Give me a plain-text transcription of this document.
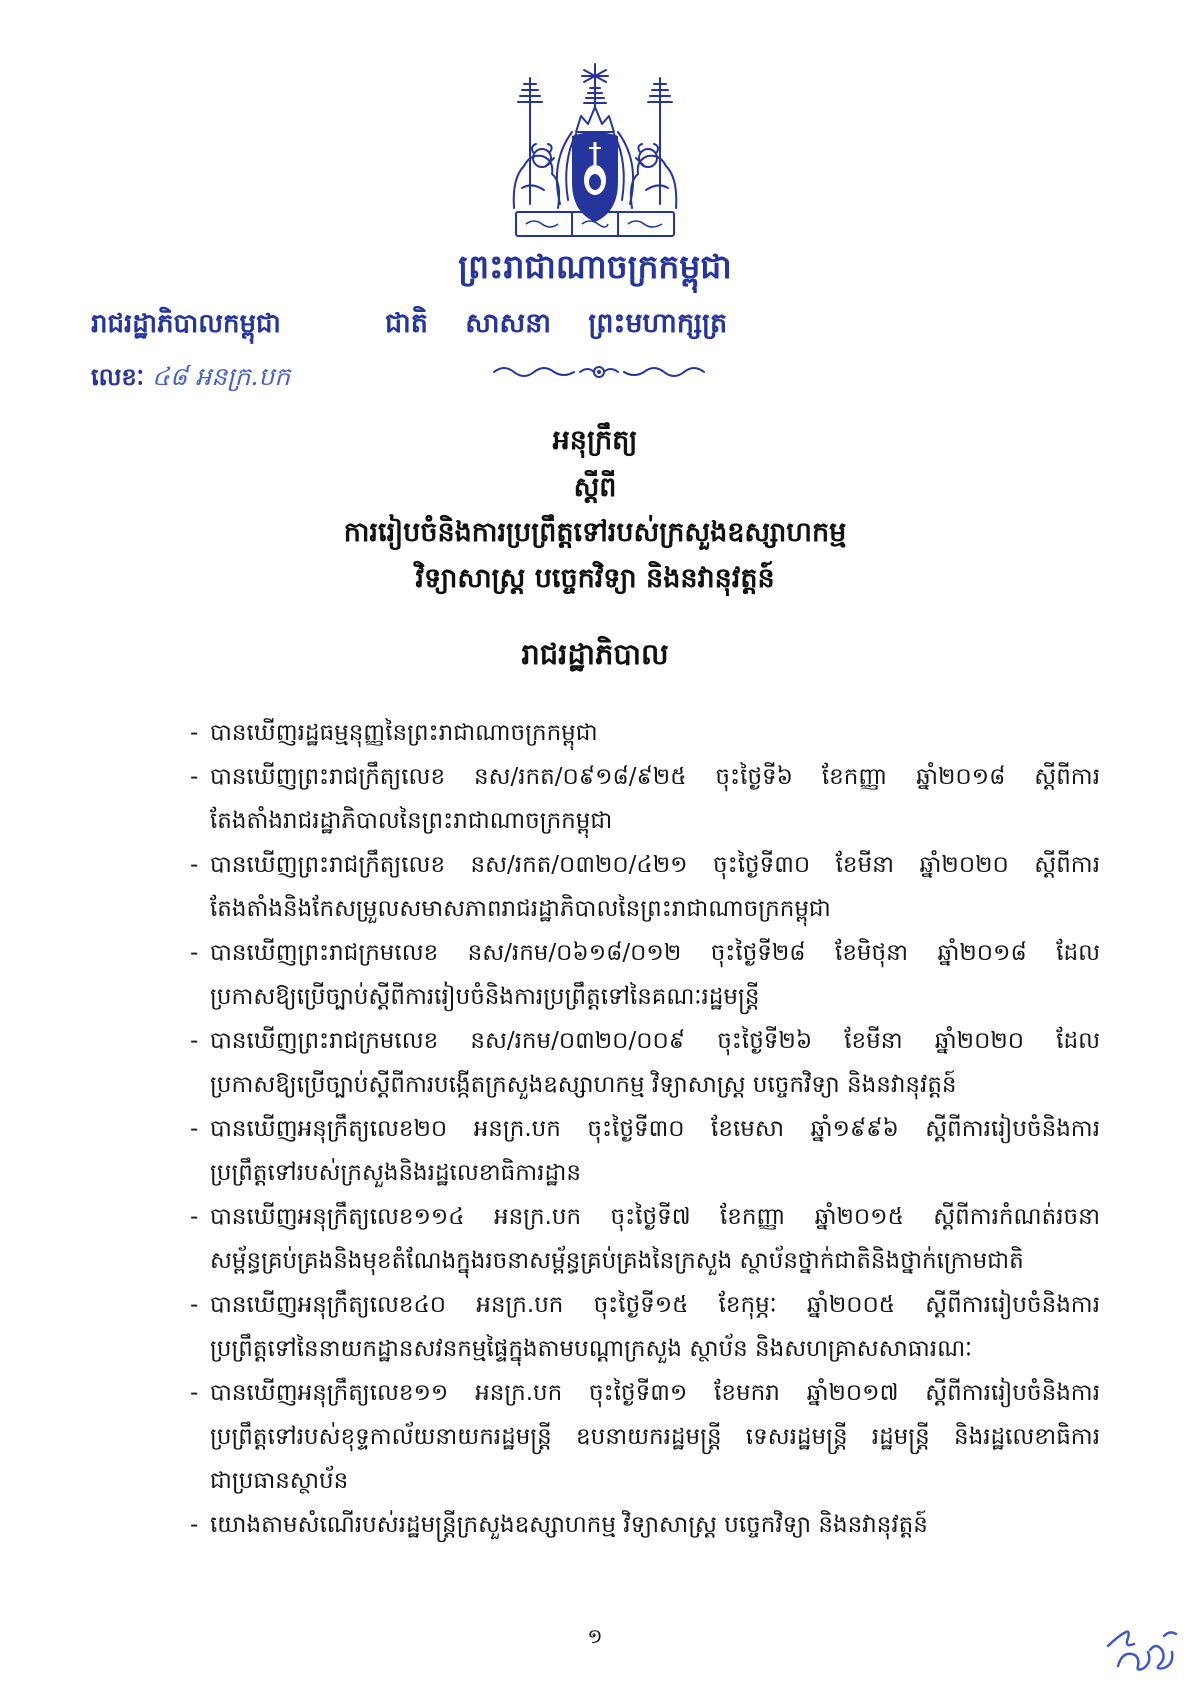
ព្រះរាជាណាចក្រកម្ពុជា
រាជរដ្ឋាភិបាលកម្ពុជា	ជាតិ សាសនា ព្រះមហាក្សត្រ
លេខៈ ៤៨ អនក្រ.បក
អនុក្រឹត្យ
ស្តីពី
ការរៀបចំនិងការប្រព្រឹត្តទៅរបស់ក្រសួងឧស្សាហកម្ម
វិទ្យាសាស្ត្រ បច្ចេកវិទ្យា និងនវានុវត្តន៍
រាជរដ្ឋាភិបាល
- បានឃើញរដ្ឋធម្មនុញ្ញនៃព្រះរាជាណាចក្រកម្ពុជា
- បានឃើញព្រះរាជក្រឹត្យលេខ នស/រកត/០៩១៨/៩២៥ ចុះថ្ងៃទី៦ ខែកញ្ញា ឆ្នាំ២០១៨ ស្តីពីការ
តែងតាំងរាជរដ្ឋាភិបាលនៃព្រះរាជាណាចក្រកម្ពុជា
- បានឃើញព្រះរាជក្រឹត្យលេខ នស/រកត/០៣២០/៤២១ ចុះថ្ងៃទី៣០ ខែមីនា ឆ្នាំ២០២០ ស្តីពីការ
តែងតាំងនិងកែសម្រួលសមាសភាពរាជរដ្ឋាភិបាលនៃព្រះរាជាណាចក្រកម្ពុជា
- បានឃើញព្រះរាជក្រមលេខ នស/រកម/០៦១៨/០១២ ចុះថ្ងៃទី២៨ ខែមិថុនា ឆ្នាំ២០១៨ ដែល
ប្រកាសឱ្យប្រើច្បាប់ស្តីពីការរៀបចំនិងការប្រព្រឹត្តទៅនៃគណៈរដ្ឋមន្ត្រី
- បានឃើញព្រះរាជក្រមលេខ នស/រកម/០៣២០/០០៩ ចុះថ្ងៃទី២៦ ខែមីនា ឆ្នាំ២០២០ ដែល
ប្រកាសឱ្យប្រើច្បាប់ស្តីពីការបង្កើតក្រសួងឧស្សាហកម្ម វិទ្យាសាស្ត្រ បច្ចេកវិទ្យា និងនវានុវត្តន៍
- បានឃើញអនុក្រឹត្យលេខ២០ អនក្រ.បក ចុះថ្ងៃទី៣០ ខែមេសា ឆ្នាំ១៩៩៦ ស្តីពីការរៀបចំនិងការ
ប្រព្រឹត្តទៅរបស់ក្រសួងនិងរដ្ឋលេខាធិការដ្ឋាន
- បានឃើញអនុក្រឹត្យលេខ១១៤ អនក្រ.បក ចុះថ្ងៃទី៧ ខែកញ្ញា ឆ្នាំ២០១៥ ស្តីពីការកំណត់រចនា
សម្ព័ន្ធគ្រប់គ្រងនិងមុខតំណែងក្នុងរចនាសម្ព័ន្ធគ្រប់គ្រងនៃក្រសួង ស្ថាប័នថ្នាក់ជាតិនិងថ្នាក់ក្រោមជាតិ
- បានឃើញអនុក្រឹត្យលេខ៤០ អនក្រ.បក ចុះថ្ងៃទី១៥ ខែកុម្ភៈ ឆ្នាំ២០០៥ ស្តីពីការរៀបចំនិងការ
ប្រព្រឹត្តទៅនៃនាយកដ្ឋានសវនកម្មផ្ទៃក្នុងតាមបណ្តាក្រសួង ស្ថាប័ន និងសហគ្រាសសាធារណៈ
- បានឃើញអនុក្រឹត្យលេខ១១ អនក្រ.បក ចុះថ្ងៃទី៣១ ខែមករា ឆ្នាំ២០១៧ ស្តីពីការរៀបចំនិងការ
ប្រព្រឹត្តទៅរបស់ខុទ្ទកាល័យនាយករដ្ឋមន្ត្រី ឧបនាយករដ្ឋមន្ត្រី ទេសរដ្ឋមន្ត្រី រដ្ឋមន្ត្រី និងរដ្ឋលេខាធិការ
ជាប្រធានស្ថាប័ន
- យោងតាមសំណើរបស់រដ្ឋមន្ត្រីក្រសួងឧស្សាហកម្ម វិទ្យាសាស្ត្រ បច្ចេកវិទ្យា និងនវានុវត្តន៍
១
